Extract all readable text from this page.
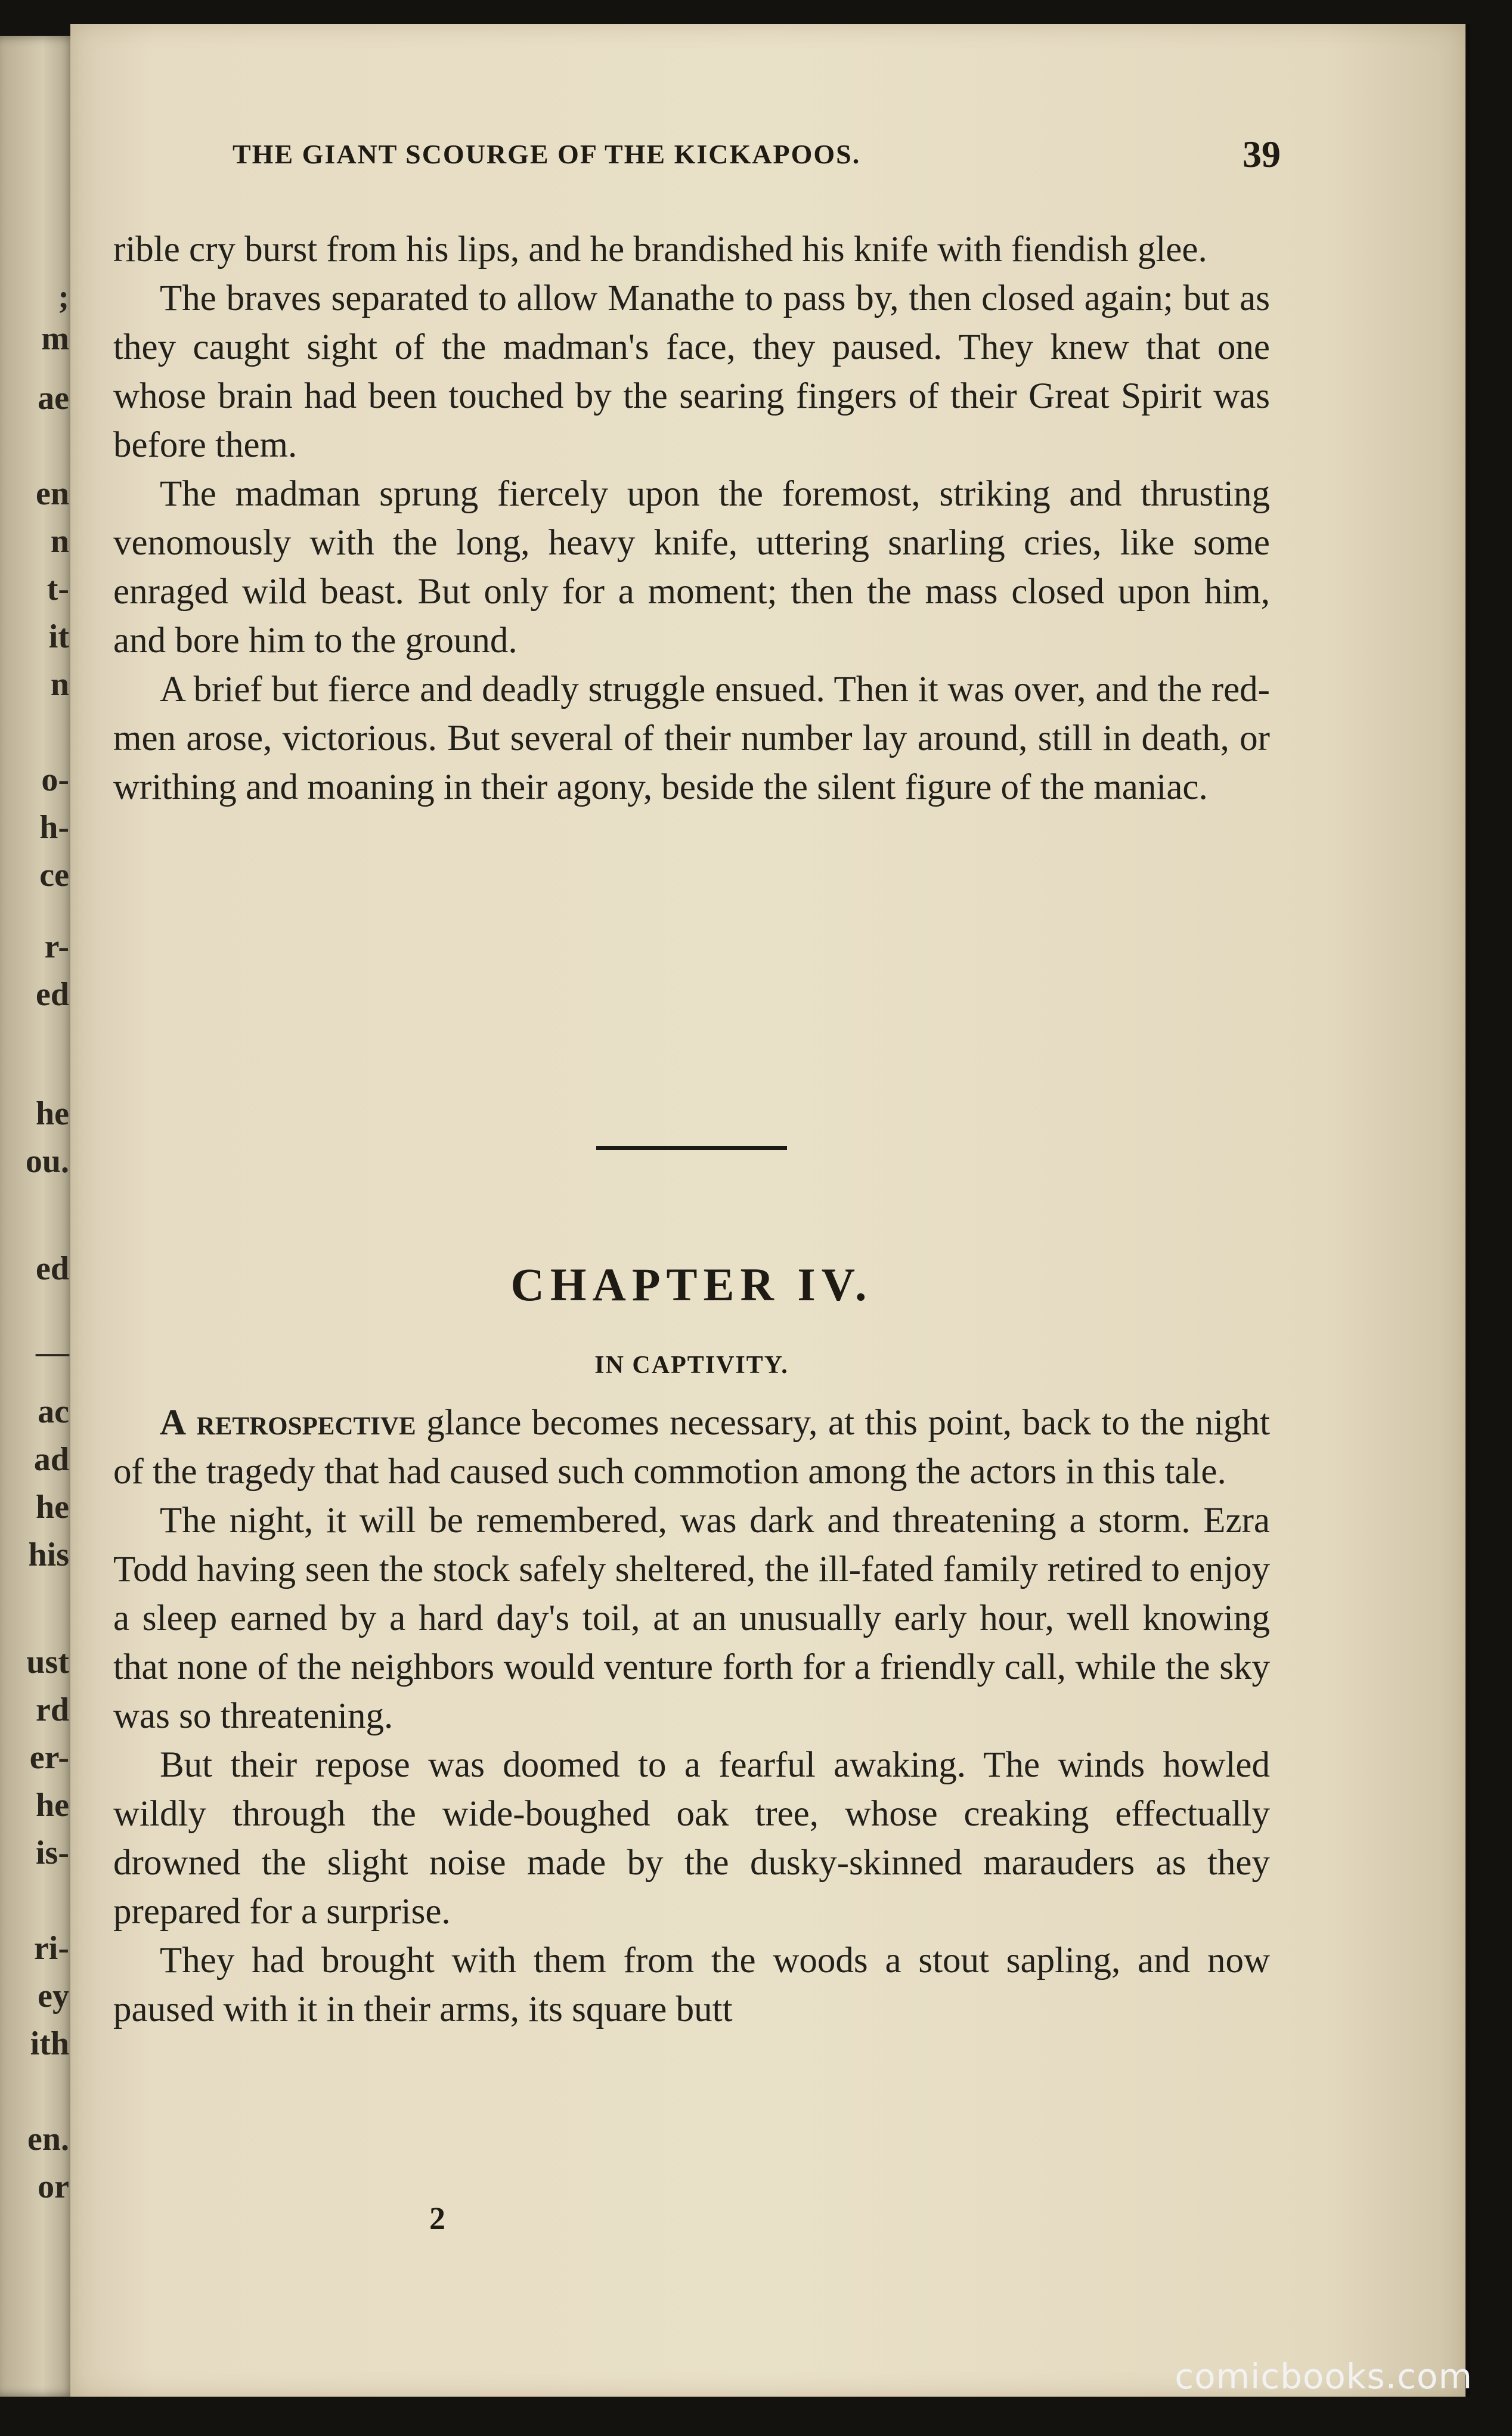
THE GIANT SCOURGE OF THE KICKAPOOS.	39

rible cry burst from his lips, and he brandished his knife with fiendish glee.

The braves separated to allow Manathe to pass by, then closed again; but as they caught sight of the madman's face, they paused. They knew that one whose brain had been touched by the searing fingers of their Great Spirit was before them.

The madman sprung fiercely upon the foremost, striking and thrusting venomously with the long, heavy knife, uttering snarling cries, like some enraged wild beast. But only for a moment; then the mass closed upon him, and bore him to the ground.

A brief but fierce and deadly struggle ensued. Then it was over, and the red-men arose, victorious. But several of their number lay around, still in death, or writhing and moaning in their agony, beside the silent figure of the maniac.

CHAPTER IV.
IN CAPTIVITY.

A retrospective glance becomes necessary, at this point, back to the night of the tragedy that had caused such commotion among the actors in this tale.

The night, it will be remembered, was dark and threatening a storm. Ezra Todd having seen the stock safely sheltered, the ill-fated family retired to enjoy a sleep earned by a hard day's toil, at an unusually early hour, well knowing that none of the neighbors would venture forth for a friendly call, while the sky was so threatening.

But their repose was doomed to a fearful awaking. The winds howled wildly through the wide-boughed oak tree, whose creaking effectually drowned the slight noise made by the dusky-skinned marauders as they prepared for a surprise.

They had brought with them from the woods a stout sapling, and now paused with it in their arms, its square butt

2
comicbooks.com
;
m
ae
en
n
t-
it
n
o-
h-
ce
r-
ed
he
ou.
ed
—
ac
ad
he
his
ust
rd
er-
he
is-
ri-
ey
ith
en.
or
